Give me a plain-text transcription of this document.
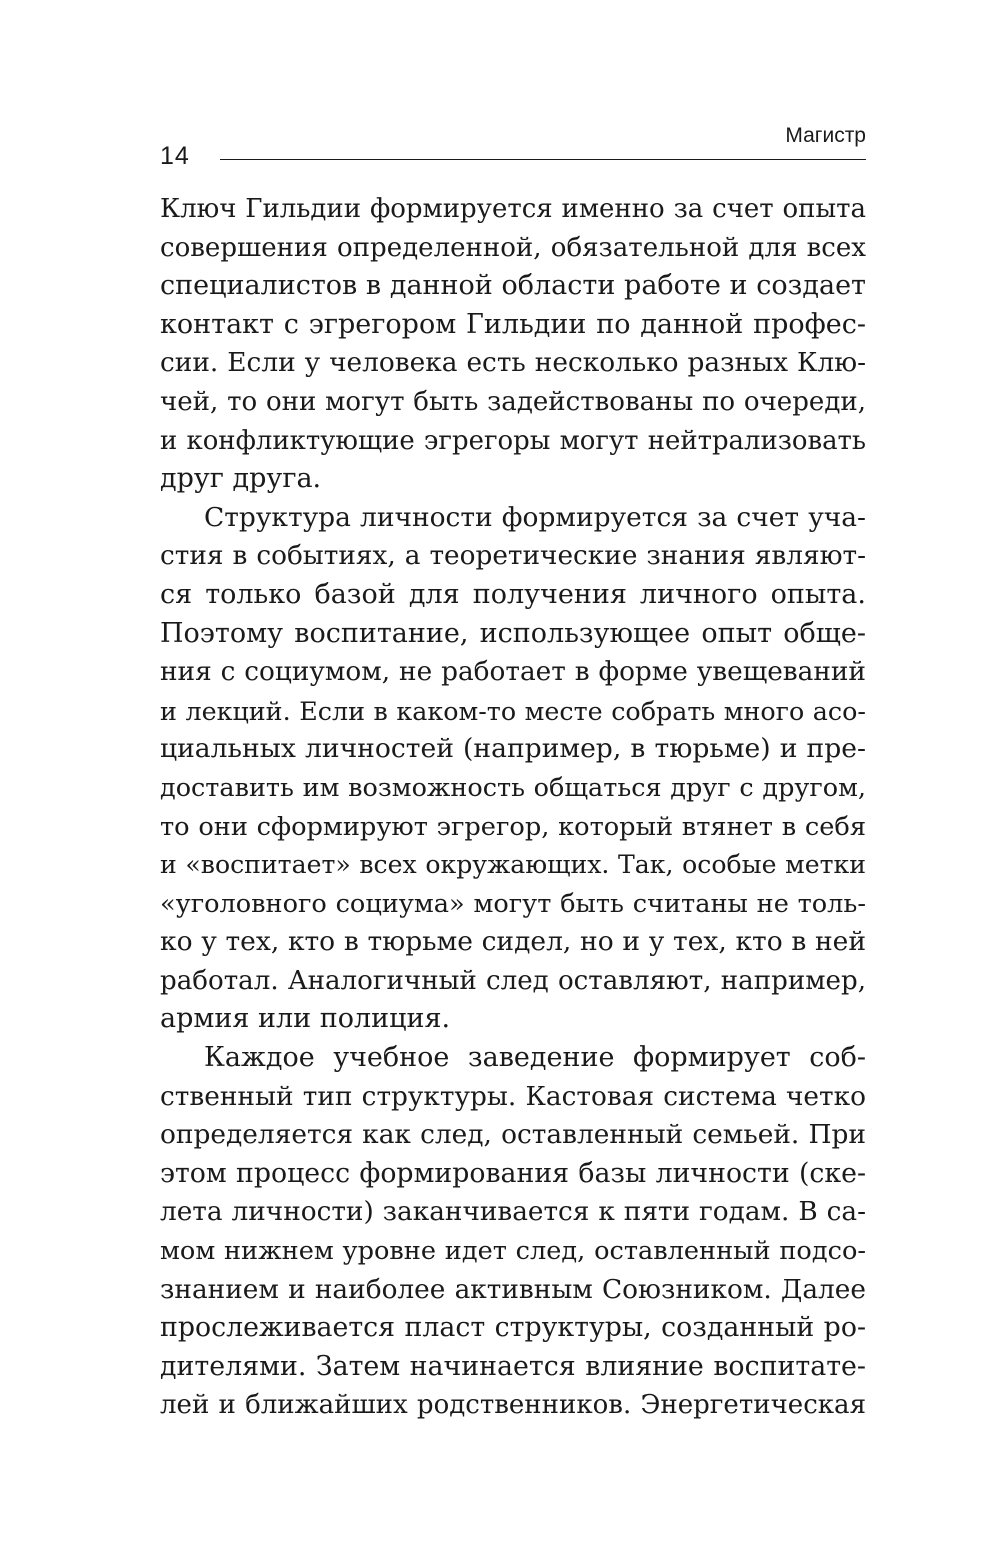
14
Магистр
Ключ Гильдии формируется именно за счет опыта
совершения определенной, обязательной для всех
специалистов в данной области работе и создает
контакт с эгрегором Гильдии по данной профес-
сии. Если у человека есть несколько разных Клю-
чей, то они могут быть задействованы по очереди,
и конфликтующие эгрегоры могут нейтрализовать
друг друга.
Структура личности формируется за счет уча-
стия в событиях, а теоретические знания являют-
ся только базой для получения личного опыта.
Поэтому воспитание, использующее опыт обще-
ния с социумом, не работает в форме увещеваний
и лекций. Если в каком-то месте собрать много асо-
циальных личностей (например, в тюрьме) и пре-
доставить им возможность общаться друг с другом,
то они сформируют эгрегор, который втянет в себя
и «воспитает» всех окружающих. Так, особые метки
«уголовного социума» могут быть считаны не толь-
ко у тех, кто в тюрьме сидел, но и у тех, кто в ней
работал. Аналогичный след оставляют, например,
армия или полиция.
Каждое учебное заведение формирует соб-
ственный тип структуры. Кастовая система четко
определяется как след, оставленный семьей. При
этом процесс формирования базы личности (ске-
лета личности) заканчивается к пяти годам. В са-
мом нижнем уровне идет след, оставленный подсо-
знанием и наиболее активным Союзником. Далее
прослеживается пласт структуры, созданный ро-
дителями. Затем начинается влияние воспитате-
лей и ближайших родственников. Энергетическая
